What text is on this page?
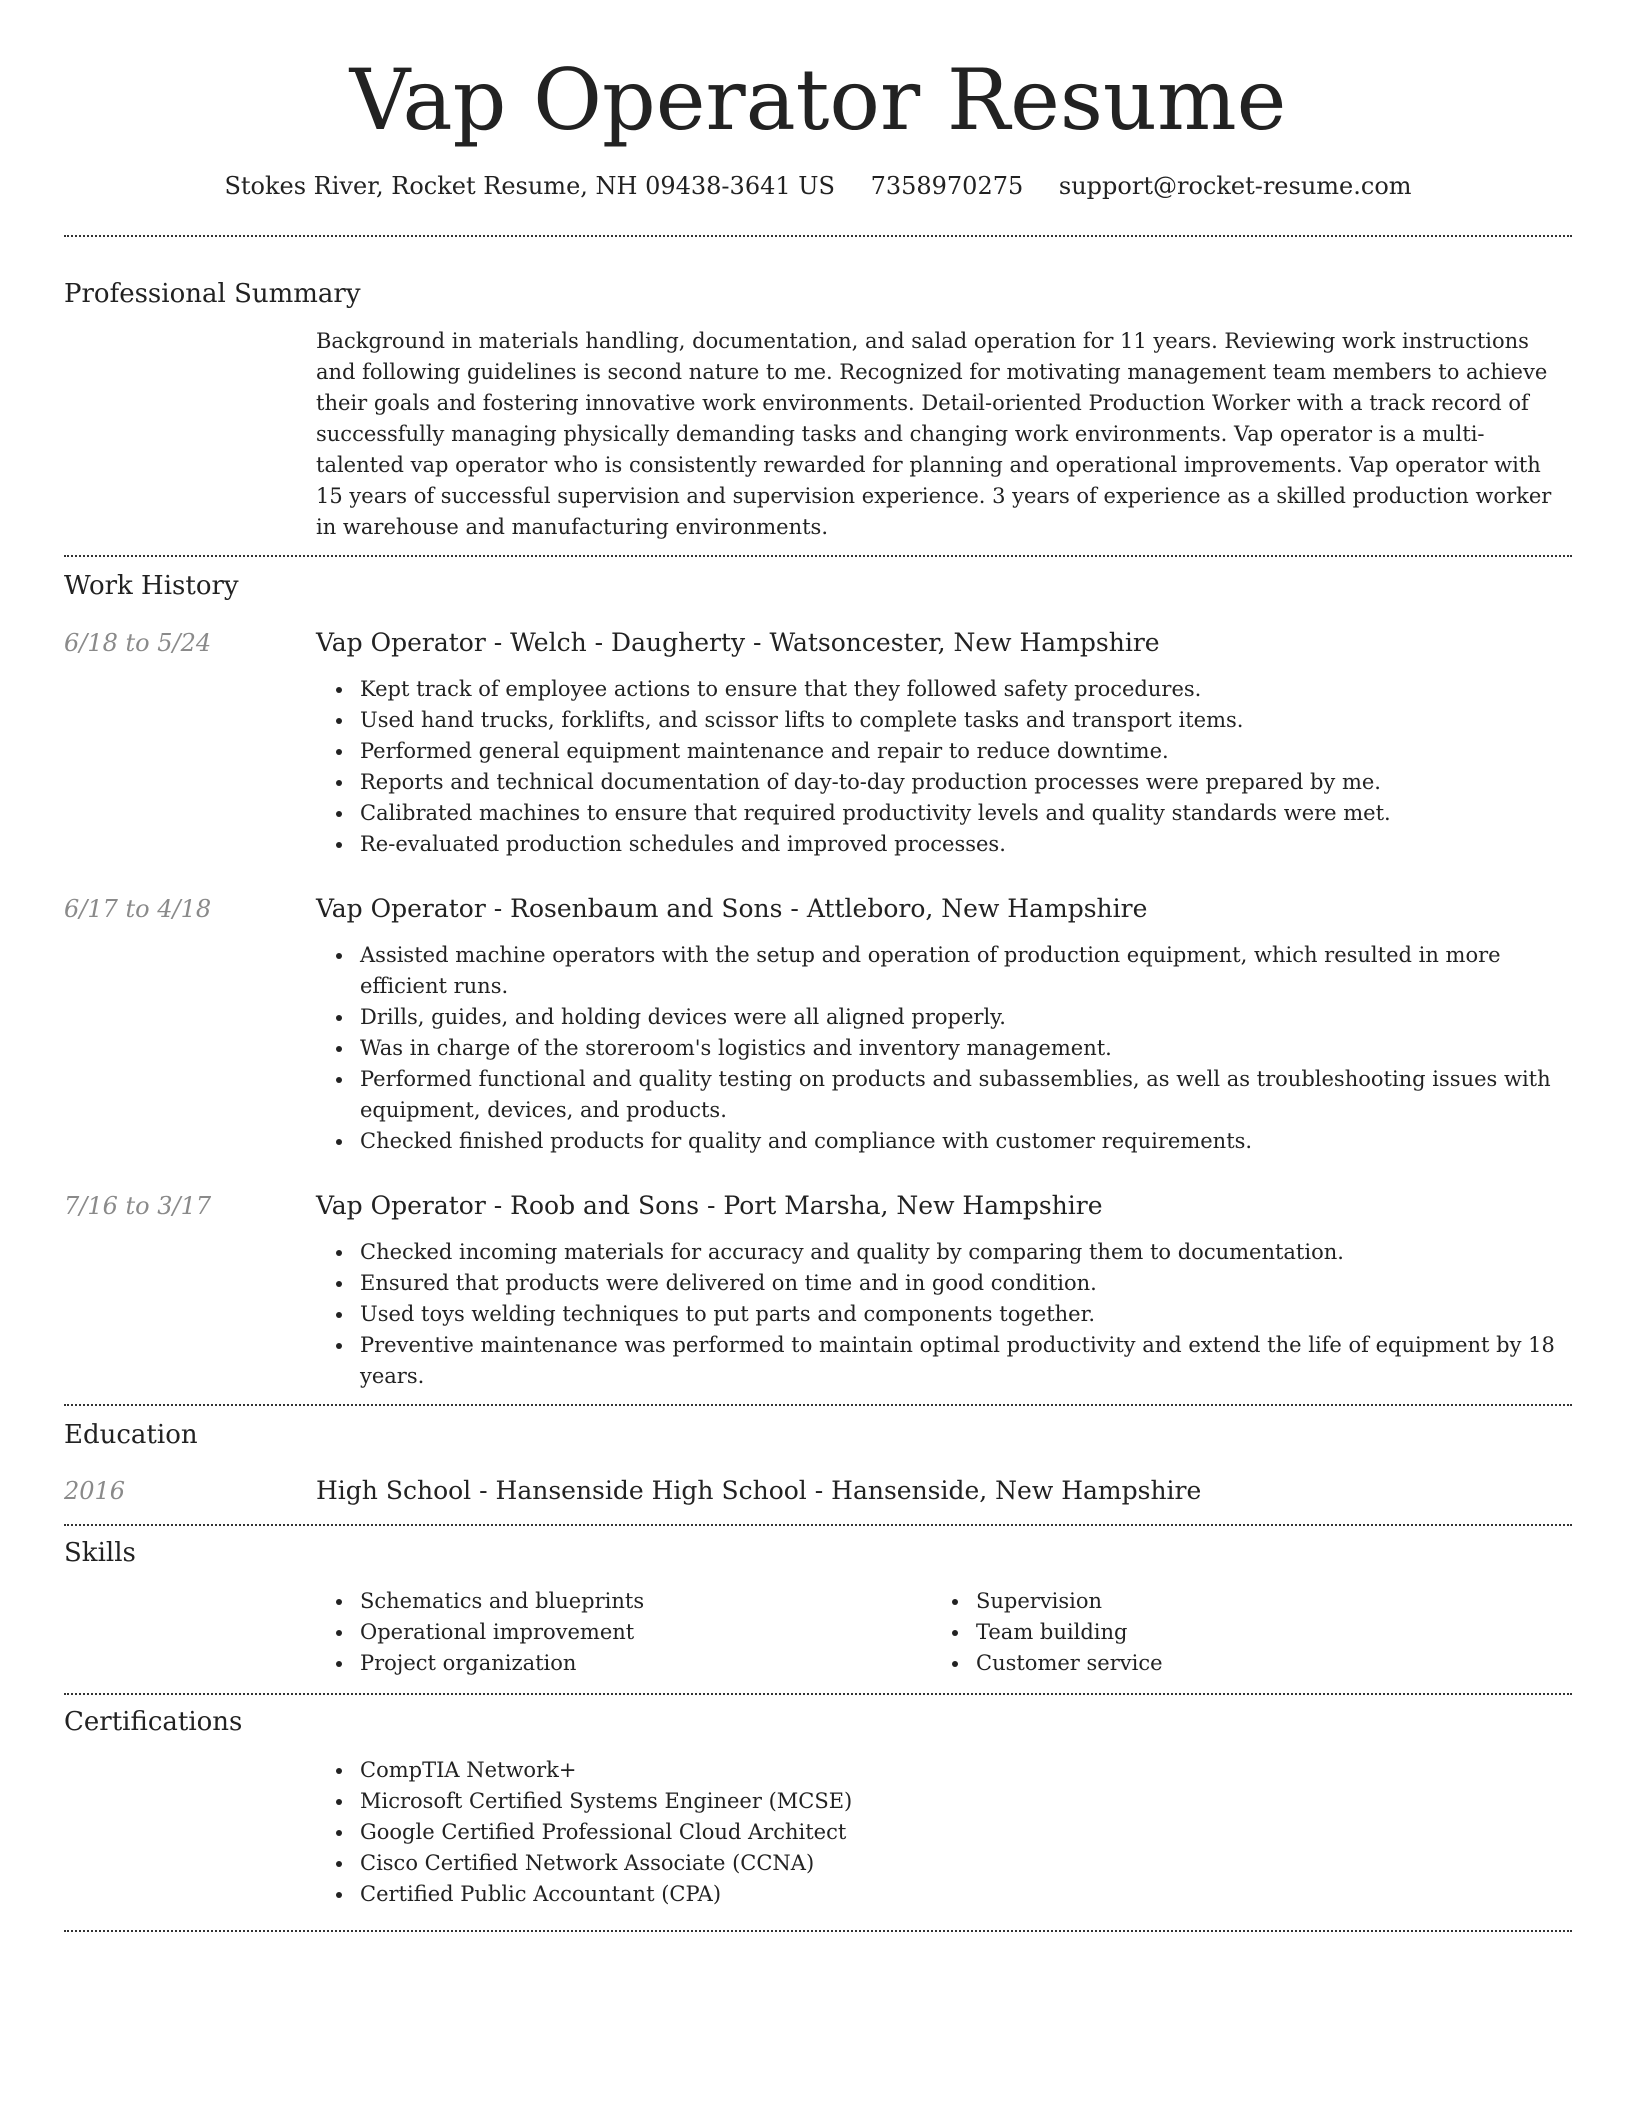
Vap Operator Resume
Stokes River, Rocket Resume, NH 09438-3641 US 7358970275 support@rocket-resume.com
Professional Summary

Background in materials handling, documentation, and salad operation for 11 years. Reviewing work instructions and following guidelines is second nature to me. Recognized for motivating management team members to achieve their goals and fostering innovative work environments. Detail-oriented Production Worker with a track record of successfully managing physically demanding tasks and changing work environments. Vap operator is a multi-talented vap operator who is consistently rewarded for planning and operational improvements. Vap operator with 15 years of successful supervision and supervision experience. 3 years of experience as a skilled production worker in warehouse and manufacturing environments.

Work History
6/18 to 5/24	Vap Operator - Welch - Daugherty - Watsoncester, New Hampshire
Kept track of employee actions to ensure that they followed safety procedures.
Used hand trucks, forklifts, and scissor lifts to complete tasks and transport items.
Performed general equipment maintenance and repair to reduce downtime.
Reports and technical documentation of day-to-day production processes were prepared by me.
Calibrated machines to ensure that required productivity levels and quality standards were met.
Re-evaluated production schedules and improved processes.
6/17 to 4/18	Vap Operator - Rosenbaum and Sons - Attleboro, New Hampshire
Assisted machine operators with the setup and operation of production equipment, which resulted in more efficient runs.
Drills, guides, and holding devices were all aligned properly.
Was in charge of the storeroom's logistics and inventory management.
Performed functional and quality testing on products and subassemblies, as well as troubleshooting issues with equipment, devices, and products.
Checked finished products for quality and compliance with customer requirements.
7/16 to 3/17	Vap Operator - Roob and Sons - Port Marsha, New Hampshire
Checked incoming materials for accuracy and quality by comparing them to documentation.
Ensured that products were delivered on time and in good condition.
Used toys welding techniques to put parts and components together.
Preventive maintenance was performed to maintain optimal productivity and extend the life of equipment by 18 years.
Education
2016	High School - Hansenside High School - Hansenside, New Hampshire
Skills
Schematics and blueprints
Operational improvement
Project organization
Supervision
Team building
Customer service
Certifications
CompTIA Network+
Microsoft Certified Systems Engineer (MCSE)
Google Certified Professional Cloud Architect
Cisco Certified Network Associate (CCNA)
Certified Public Accountant (CPA)
